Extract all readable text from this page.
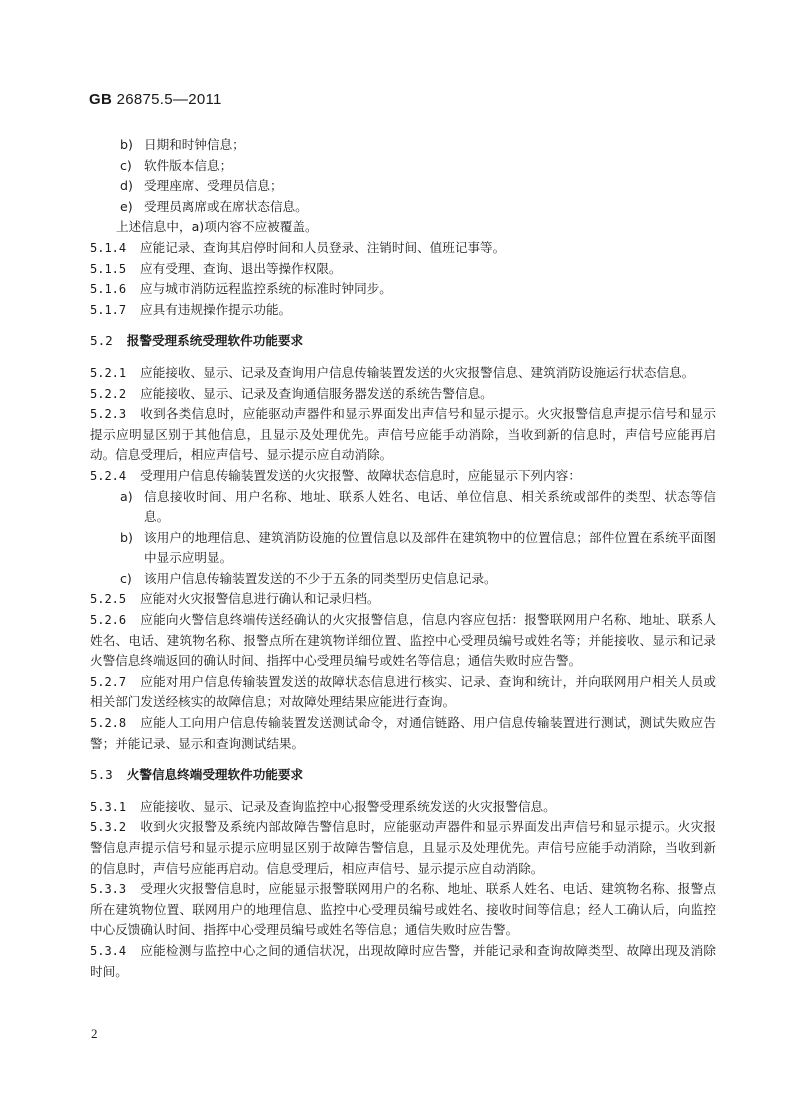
GB 26875.5—2011
b) 日期和时钟信息；
c) 软件版本信息；
d) 受理座席、受理员信息；
e) 受理员离席或在席状态信息。
上述信息中，a)项内容不应被覆盖。
5.1.4 应能记录、查询其启停时间和人员登录、注销时间、值班记事等。
5.1.5 应有受理、查询、退出等操作权限。
5.1.6 应与城市消防远程监控系统的标准时钟同步。
5.1.7 应具有违规操作提示功能。
5.2 报警受理系统受理软件功能要求
5.2.1 应能接收、显示、记录及查询用户信息传输装置发送的火灾报警信息、建筑消防设施运行状态信息。
5.2.2 应能接收、显示、记录及查询通信服务器发送的系统告警信息。
5.2.3 收到各类信息时，应能驱动声器件和显示界面发出声信号和显示提示。火灾报警信息声提示信号和显示提示应明显区别于其他信息，且显示及处理优先。声信号应能手动消除，当收到新的信息时，声信号应能再启动。信息受理后，相应声信号、显示提示应自动消除。
5.2.4 受理用户信息传输装置发送的火灾报警、故障状态信息时，应能显示下列内容：
a) 信息接收时间、用户名称、地址、联系人姓名、电话、单位信息、相关系统或部件的类型、状态等信息。
b) 该用户的地理信息、建筑消防设施的位置信息以及部件在建筑物中的位置信息；部件位置在系统平面图中显示应明显。
c) 该用户信息传输装置发送的不少于五条的同类型历史信息记录。
5.2.5 应能对火灾报警信息进行确认和记录归档。
5.2.6 应能向火警信息终端传送经确认的火灾报警信息，信息内容应包括：报警联网用户名称、地址、联系人姓名、电话、建筑物名称、报警点所在建筑物详细位置、监控中心受理员编号或姓名等；并能接收、显示和记录火警信息终端返回的确认时间、指挥中心受理员编号或姓名等信息；通信失败时应告警。
5.2.7 应能对用户信息传输装置发送的故障状态信息进行核实、记录、查询和统计，并向联网用户相关人员或相关部门发送经核实的故障信息；对故障处理结果应能进行查询。
5.2.8 应能人工向用户信息传输装置发送测试命令，对通信链路、用户信息传输装置进行测试，测试失败应告警；并能记录、显示和查询测试结果。
5.3 火警信息终端受理软件功能要求
5.3.1 应能接收、显示、记录及查询监控中心报警受理系统发送的火灾报警信息。
5.3.2 收到火灾报警及系统内部故障告警信息时，应能驱动声器件和显示界面发出声信号和显示提示。火灾报警信息声提示信号和显示提示应明显区别于故障告警信息，且显示及处理优先。声信号应能手动消除，当收到新的信息时，声信号应能再启动。信息受理后，相应声信号、显示提示应自动消除。
5.3.3 受理火灾报警信息时，应能显示报警联网用户的名称、地址、联系人姓名、电话、建筑物名称、报警点所在建筑物位置、联网用户的地理信息、监控中心受理员编号或姓名、接收时间等信息；经人工确认后，向监控中心反馈确认时间、指挥中心受理员编号或姓名等信息；通信失败时应告警。
5.3.4 应能检测与监控中心之间的通信状况，出现故障时应告警，并能记录和查询故障类型、故障出现及消除时间。
2
